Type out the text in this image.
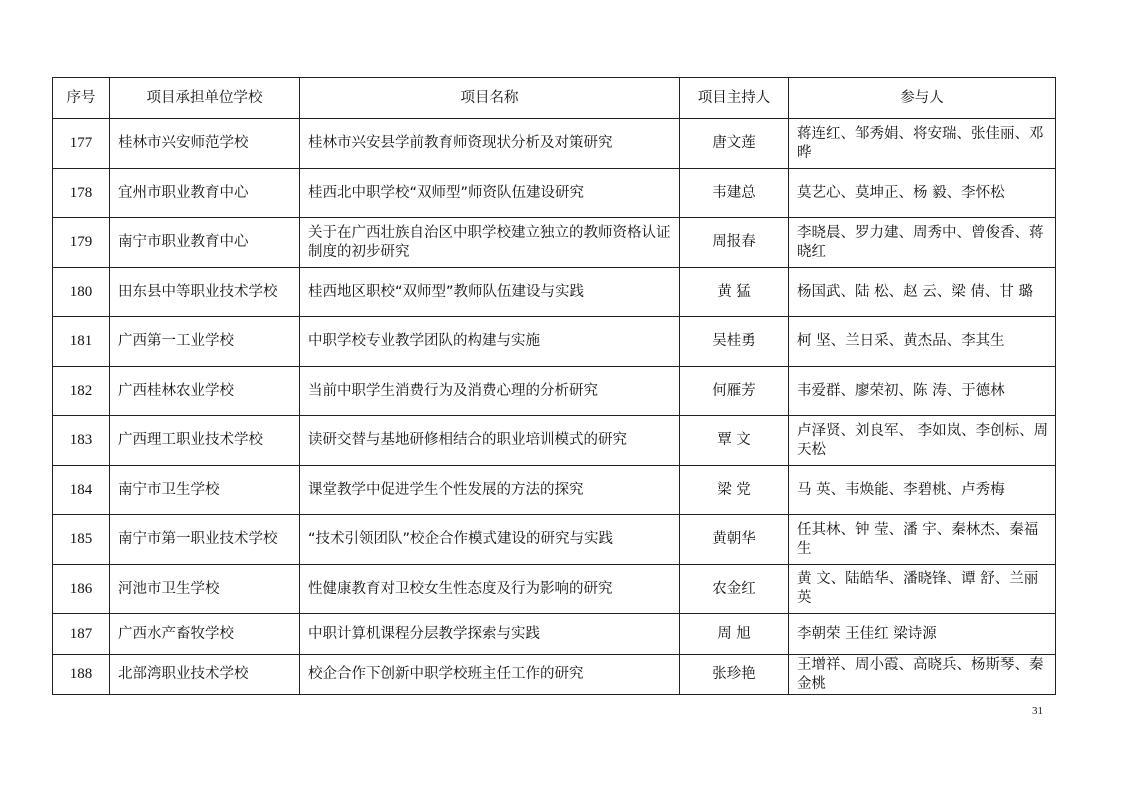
序号	项目承担单位学校	项目名称	项目主持人	参与人
177	桂林市兴安师范学校	桂林市兴安县学前教育师资现状分析及对策研究	唐文莲	蒋连红、邹秀娟、将安瑞、张佳丽、邓 晔
178	宜州市职业教育中心	桂西北中职学校“双师型”师资队伍建设研究	韦建总	莫艺心、莫坤正、杨 毅、李怀松
179	南宁市职业教育中心	关于在广西壮族自治区中职学校建立独立的教师资格认证制度的初步研究	周报春	李晓晨、罗力建、周秀中、曾俊香、蒋晓红
180	田东县中等职业技术学校	桂西地区职校“双师型”教师队伍建设与实践	黄 猛	杨国武、陆 松、赵 云、梁 倩、甘 璐
181	广西第一工业学校	中职学校专业教学团队的构建与实施	吴桂勇	柯 坚、兰日采、黄杰品、李其生
182	广西桂林农业学校	当前中职学生消费行为及消费心理的分析研究	何雁芳	韦爱群、廖荣初、陈 涛、于德林
183	广西理工职业技术学校	读研交替与基地研修相结合的职业培训模式的研究	覃 文	卢泽贤、刘良军、 李如岚、李创标、周天松
184	南宁市卫生学校	课堂教学中促进学生个性发展的方法的探究	梁 党	马 英、韦焕能、李碧桃、卢秀梅
185	南宁市第一职业技术学校	“技术引领团队”校企合作模式建设的研究与实践	黄朝华	任其林、钟 莹、潘 宇、秦林杰、秦福生
186	河池市卫生学校	性健康教育对卫校女生性态度及行为影响的研究	农金红	黄 文、陆皓华、潘晓锋、谭 舒、兰丽英
187	广西水产畜牧学校	中职计算机课程分层教学探索与实践	周 旭	李朝荣 王佳红 梁诗源
188	北部湾职业技术学校	校企合作下创新中职学校班主任工作的研究	张珍艳	王增祥、周小霞、高晓兵、杨斯琴、秦金桃
31
